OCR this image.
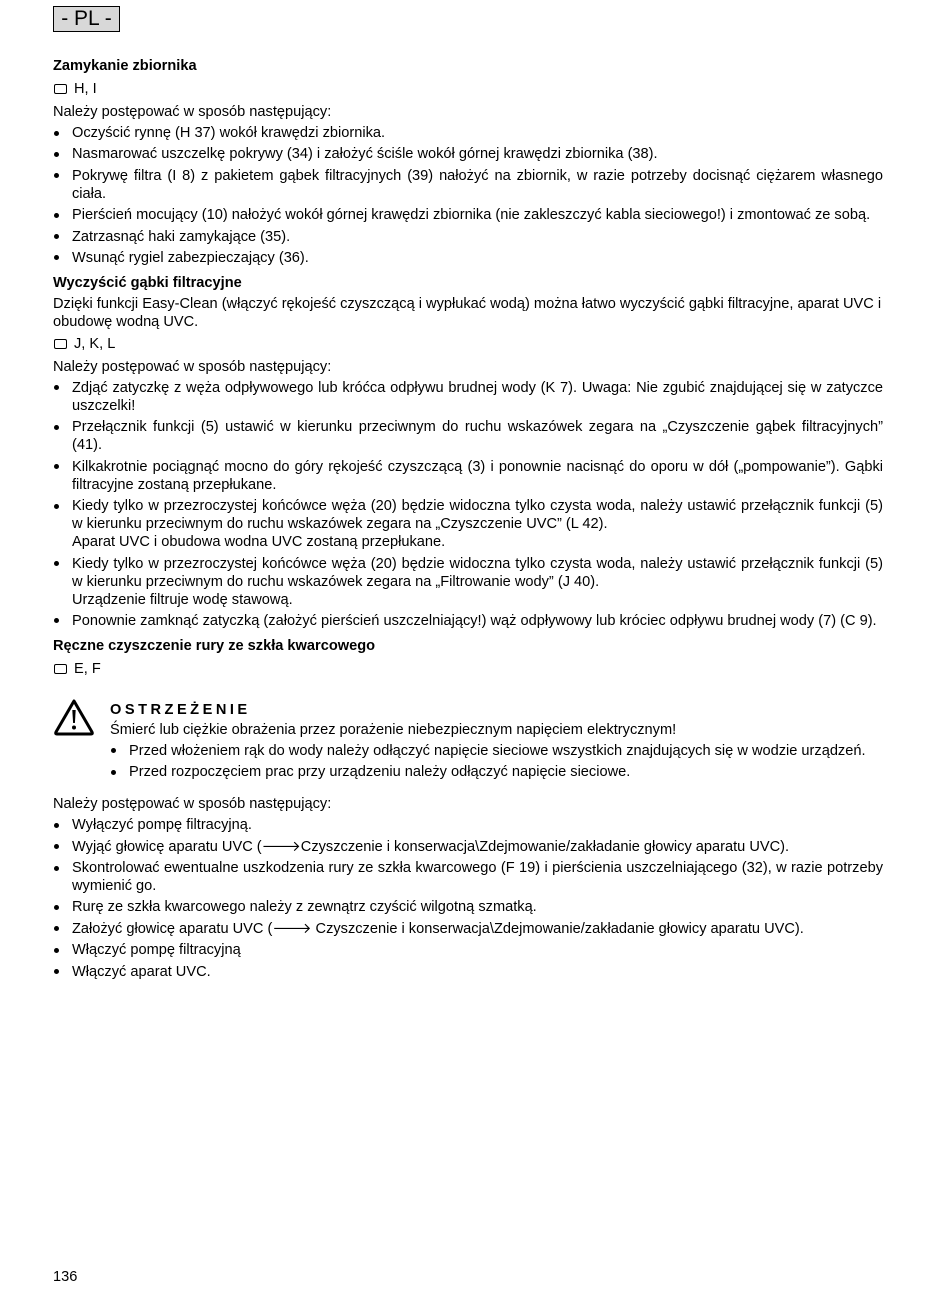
- PL -
Zamykanie zbiornika
H, I

Należy postępować w sposób następujący:

Oczyścić rynnę (H 37) wokół krawędzi zbiornika.
Nasmarować uszczelkę pokrywy (34) i założyć ściśle wokół górnej krawędzi zbiornika (38).
Pokrywę filtra (I 8) z pakietem gąbek filtracyjnych (39) nałożyć na zbiornik, w razie potrzeby docisnąć ciężarem własnego ciała.
Pierścień mocujący (10) nałożyć wokół górnej krawędzi zbiornika (nie zakleszczyć kabla sieciowego!) i zmontować ze sobą.
Zatrzasnąć haki zamykające (35).
Wsunąć rygiel zabezpieczający (36).
Wyczyścić gąbki filtracyjne

Dzięki funkcji Easy-Clean (włączyć rękojeść czyszczącą i wypłukać wodą) można łatwo wyczyścić gąbki filtracyjne, aparat UVC i obudowę wodną UVC.

J, K, L

Należy postępować w sposób następujący:

Zdjąć zatyczkę z węża odpływowego lub króćca odpływu brudnej wody (K 7). Uwaga: Nie zgubić znajdującej się w zatyczce uszczelki!
Przełącznik funkcji (5) ustawić w kierunku przeciwnym do ruchu wskazówek zegara na „Czyszczenie gąbek filtracyjnych” (41).
Kilkakrotnie pociągnąć mocno do góry rękojeść czyszczącą (3) i ponownie nacisnąć do oporu w dół („pompowanie”). Gąbki filtracyjne zostaną przepłukane.
Kiedy tylko w przezroczystej końcówce węża (20) będzie widoczna tylko czysta woda, należy ustawić przełącznik funkcji (5) w kierunku przeciwnym do ruchu wskazówek zegara na „Czyszczenie UVC” (L 42).
Aparat UVC i obudowa wodna UVC zostaną przepłukane.
Kiedy tylko w przezroczystej końcówce węża (20) będzie widoczna tylko czysta woda, należy ustawić przełącznik funkcji (5) w kierunku przeciwnym do ruchu wskazówek zegara na „Filtrowanie wody” (J 40).
Urządzenie filtruje wodę stawową.
Ponownie zamknąć zatyczką (założyć pierścień uszczelniający!) wąż odpływowy lub króciec odpływu brudnej wody (7) (C 9).
Ręczne czyszczenie rury ze szkła kwarcowego
E, F
OSTRZEŻENIE

Śmierć lub ciężkie obrażenia przez porażenie niebezpiecznym napięciem elektrycznym!

Przed włożeniem rąk do wody należy odłączyć napięcie sieciowe wszystkich znajdujących się w wodzie urządzeń.
Przed rozpoczęciem prac przy urządzeniu należy odłączyć napięcie sieciowe.

Należy postępować w sposób następujący:

Wyłączyć pompę filtracyjną.
Wyjąć głowicę aparatu UVC (🡒Czyszczenie i konserwacja\Zdejmowanie/zakładanie głowicy aparatu UVC).
Skontrolować ewentualne uszkodzenia rury ze szkła kwarcowego (F 19) i pierścienia uszczelniającego (32), w razie potrzeby wymienić go.
Rurę ze szkła kwarcowego należy z zewnątrz czyścić wilgotną szmatką.
Założyć głowicę aparatu UVC (🡒 Czyszczenie i konserwacja\Zdejmowanie/zakładanie głowicy aparatu UVC).
Włączyć pompę filtracyjną
Włączyć aparat UVC.
136
